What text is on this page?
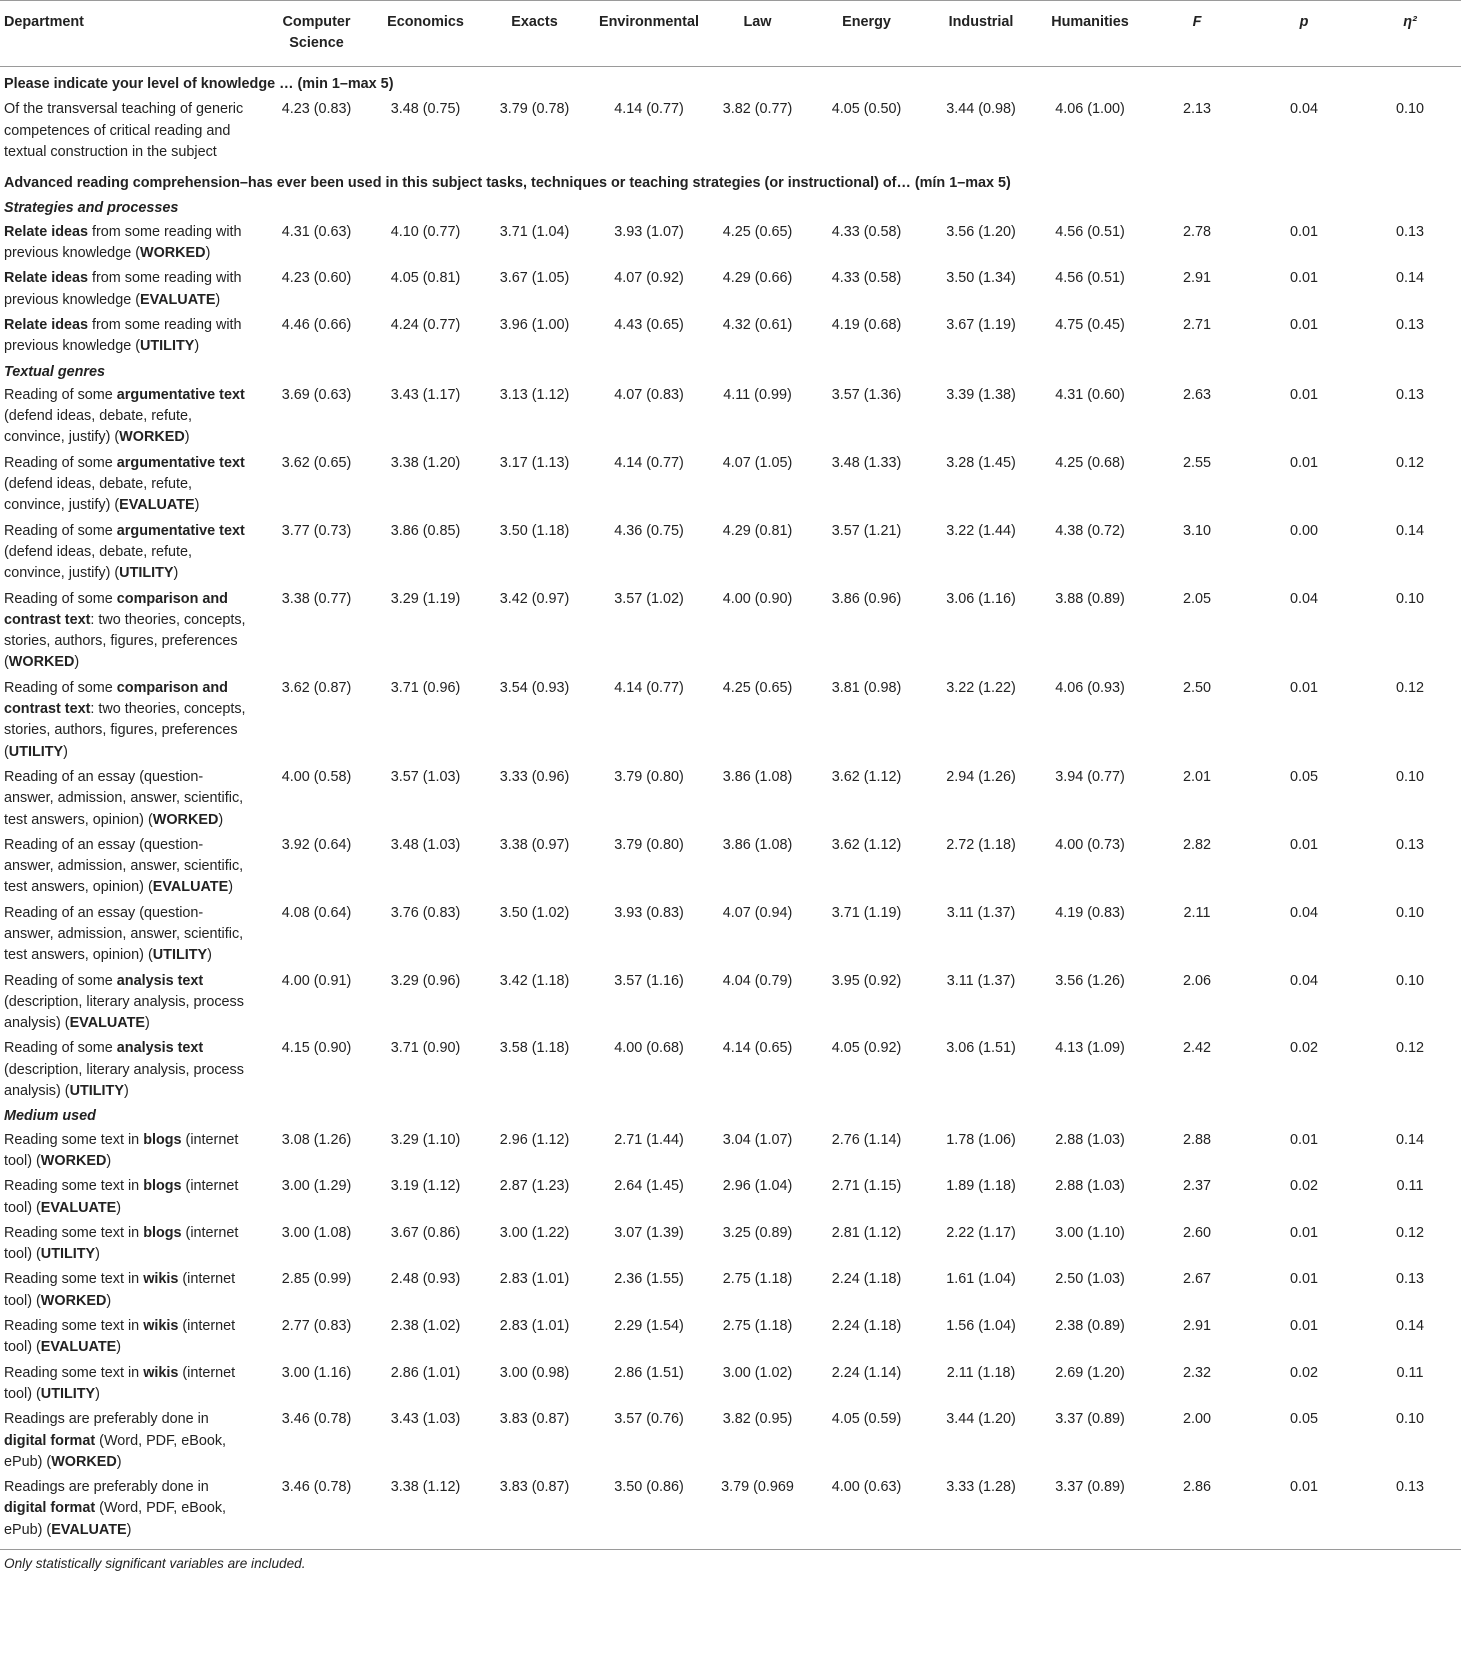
Department	Computer Science	Economics	Exacts	Environmental	Law	Energy	Industrial	Humanities	F	p	η²
Please indicate your level of knowledge … (min 1–max 5)											
Of the transversal teaching of generic competences of critical reading and textual construction in the subject	4.23 (0.83)	3.48 (0.75)	3.79 (0.78)	4.14 (0.77)	3.82 (0.77)	4.05 (0.50)	3.44 (0.98)	4.06 (1.00)	2.13	0.04	0.10
Advanced reading comprehension–has ever been used in this subject tasks, techniques or teaching strategies (or instructional) of… (mín 1–max 5)											
Strategies and processes											
Relate ideas from some reading with previous knowledge (WORKED)	4.31 (0.63)	4.10 (0.77)	3.71 (1.04)	3.93 (1.07)	4.25 (0.65)	4.33 (0.58)	3.56 (1.20)	4.56 (0.51)	2.78	0.01	0.13
Relate ideas from some reading with previous knowledge (EVALUATE)	4.23 (0.60)	4.05 (0.81)	3.67 (1.05)	4.07 (0.92)	4.29 (0.66)	4.33 (0.58)	3.50 (1.34)	4.56 (0.51)	2.91	0.01	0.14
Relate ideas from some reading with previous knowledge (UTILITY)	4.46 (0.66)	4.24 (0.77)	3.96 (1.00)	4.43 (0.65)	4.32 (0.61)	4.19 (0.68)	3.67 (1.19)	4.75 (0.45)	2.71	0.01	0.13
Textual genres											
Reading of some argumentative text (defend ideas, debate, refute, convince, justify) (WORKED)	3.69 (0.63)	3.43 (1.17)	3.13 (1.12)	4.07 (0.83)	4.11 (0.99)	3.57 (1.36)	3.39 (1.38)	4.31 (0.60)	2.63	0.01	0.13
Reading of some argumentative text (defend ideas, debate, refute, convince, justify) (EVALUATE)	3.62 (0.65)	3.38 (1.20)	3.17 (1.13)	4.14 (0.77)	4.07 (1.05)	3.48 (1.33)	3.28 (1.45)	4.25 (0.68)	2.55	0.01	0.12
Reading of some argumentative text (defend ideas, debate, refute, convince, justify) (UTILITY)	3.77 (0.73)	3.86 (0.85)	3.50 (1.18)	4.36 (0.75)	4.29 (0.81)	3.57 (1.21)	3.22 (1.44)	4.38 (0.72)	3.10	0.00	0.14
Reading of some comparison and contrast text: two theories, concepts, stories, authors, figures, preferences (WORKED)	3.38 (0.77)	3.29 (1.19)	3.42 (0.97)	3.57 (1.02)	4.00 (0.90)	3.86 (0.96)	3.06 (1.16)	3.88 (0.89)	2.05	0.04	0.10
Reading of some comparison and contrast text: two theories, concepts, stories, authors, figures, preferences (UTILITY)	3.62 (0.87)	3.71 (0.96)	3.54 (0.93)	4.14 (0.77)	4.25 (0.65)	3.81 (0.98)	3.22 (1.22)	4.06 (0.93)	2.50	0.01	0.12
Reading of an essay (question-answer, admission, answer, scientific, test answers, opinion) (WORKED)	4.00 (0.58)	3.57 (1.03)	3.33 (0.96)	3.79 (0.80)	3.86 (1.08)	3.62 (1.12)	2.94 (1.26)	3.94 (0.77)	2.01	0.05	0.10
Reading of an essay (question-answer, admission, answer, scientific, test answers, opinion) (EVALUATE)	3.92 (0.64)	3.48 (1.03)	3.38 (0.97)	3.79 (0.80)	3.86 (1.08)	3.62 (1.12)	2.72 (1.18)	4.00 (0.73)	2.82	0.01	0.13
Reading of an essay (question-answer, admission, answer, scientific, test answers, opinion) (UTILITY)	4.08 (0.64)	3.76 (0.83)	3.50 (1.02)	3.93 (0.83)	4.07 (0.94)	3.71 (1.19)	3.11 (1.37)	4.19 (0.83)	2.11	0.04	0.10
Reading of some analysis text (description, literary analysis, process analysis) (EVALUATE)	4.00 (0.91)	3.29 (0.96)	3.42 (1.18)	3.57 (1.16)	4.04 (0.79)	3.95 (0.92)	3.11 (1.37)	3.56 (1.26)	2.06	0.04	0.10
Reading of some analysis text (description, literary analysis, process analysis) (UTILITY)	4.15 (0.90)	3.71 (0.90)	3.58 (1.18)	4.00 (0.68)	4.14 (0.65)	4.05 (0.92)	3.06 (1.51)	4.13 (1.09)	2.42	0.02	0.12
Medium used											
Reading some text in blogs (internet tool) (WORKED)	3.08 (1.26)	3.29 (1.10)	2.96 (1.12)	2.71 (1.44)	3.04 (1.07)	2.76 (1.14)	1.78 (1.06)	2.88 (1.03)	2.88	0.01	0.14
Reading some text in blogs (internet tool) (EVALUATE)	3.00 (1.29)	3.19 (1.12)	2.87 (1.23)	2.64 (1.45)	2.96 (1.04)	2.71 (1.15)	1.89 (1.18)	2.88 (1.03)	2.37	0.02	0.11
Reading some text in blogs (internet tool) (UTILITY)	3.00 (1.08)	3.67 (0.86)	3.00 (1.22)	3.07 (1.39)	3.25 (0.89)	2.81 (1.12)	2.22 (1.17)	3.00 (1.10)	2.60	0.01	0.12
Reading some text in wikis (internet tool) (WORKED)	2.85 (0.99)	2.48 (0.93)	2.83 (1.01)	2.36 (1.55)	2.75 (1.18)	2.24 (1.18)	1.61 (1.04)	2.50 (1.03)	2.67	0.01	0.13
Reading some text in wikis (internet tool) (EVALUATE)	2.77 (0.83)	2.38 (1.02)	2.83 (1.01)	2.29 (1.54)	2.75 (1.18)	2.24 (1.18)	1.56 (1.04)	2.38 (0.89)	2.91	0.01	0.14
Reading some text in wikis (internet tool) (UTILITY)	3.00 (1.16)	2.86 (1.01)	3.00 (0.98)	2.86 (1.51)	3.00 (1.02)	2.24 (1.14)	2.11 (1.18)	2.69 (1.20)	2.32	0.02	0.11
Readings are preferably done in digital format (Word, PDF, eBook, ePub) (WORKED)	3.46 (0.78)	3.43 (1.03)	3.83 (0.87)	3.57 (0.76)	3.82 (0.95)	4.05 (0.59)	3.44 (1.20)	3.37 (0.89)	2.00	0.05	0.10
Readings are preferably done in digital format (Word, PDF, eBook, ePub) (EVALUATE)	3.46 (0.78)	3.38 (1.12)	3.83 (0.87)	3.50 (0.86)	3.79 (0.969	4.00 (0.63)	3.33 (1.28)	3.37 (0.89)	2.86	0.01	0.13
Only statistically significant variables are included.
